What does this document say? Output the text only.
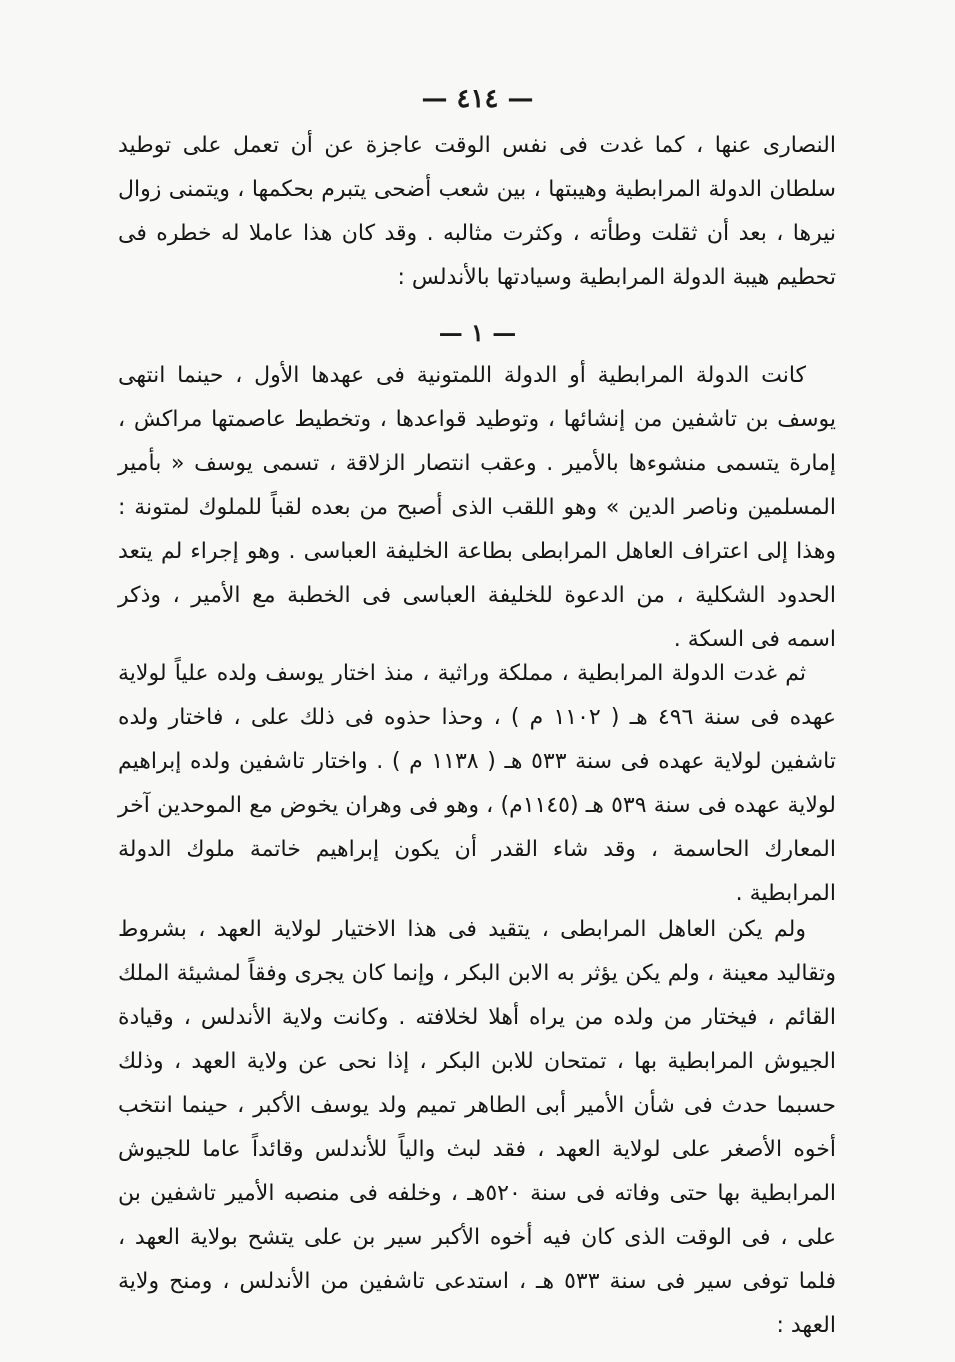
— ٤١٤ —

النصارى عنها ، كما غدت فى نفس الوقت عاجزة عن أن تعمل على توطيد سلطان الدولة المرابطية وهيبتها ، بين شعب أضحى يتبرم بحكمها ، ويتمنى زوال نيرها ، بعد أن ثقلت وطأته ، وكثرت مثالبه . وقد كان هذا عاملا له خطره فى تحطيم هيبة الدولة المرابطية وسيادتها بالأندلس :

— ١ —

كانت الدولة المرابطية أو الدولة اللمتونية فى عهدها الأول ، حينما انتهى يوسف بن تاشفين من إنشائها ، وتوطيد قواعدها ، وتخطيط عاصمتها مراكش ، إمارة يتسمى منشوءها بالأمير . وعقب انتصار الزلاقة ، تسمى يوسف « بأمير المسلمين وناصر الدين » وهو اللقب الذى أصبح من بعده لقباً للملوك لمتونة : وهذا إلى اعتراف العاهل المرابطى بطاعة الخليفة العباسى . وهو إجراء لم يتعد الحدود الشكلية ، من الدعوة للخليفة العباسى فى الخطبة مع الأمير ، وذكر اسمه فى السكة .

ثم غدت الدولة المرابطية ، مملكة وراثية ، منذ اختار يوسف ولده علياً لولاية عهده فى سنة ٤٩٦ هـ ( ١١٠٢ م ) ، وحذا حذوه فى ذلك على ، فاختار ولده تاشفين لولاية عهده فى سنة ٥٣٣ هـ ( ١١٣٨ م ) . واختار تاشفين ولده إبراهيم لولاية عهده فى سنة ٥٣٩ هـ (١١٤٥م) ، وهو فى وهران يخوض مع الموحدين آخر المعارك الحاسمة ، وقد شاء القدر أن يكون إبراهيم خاتمة ملوك الدولة المرابطية .

ولم يكن العاهل المرابطى ، يتقيد فى هذا الاختيار لولاية العهد ، بشروط وتقاليد معينة ، ولم يكن يؤثر به الابن البكر ، وإنما كان يجرى وفقاً لمشيئة الملك القائم ، فيختار من ولده من يراه أهلا لخلافته . وكانت ولاية الأندلس ، وقيادة الجيوش المرابطية بها ، تمتحان للابن البكر ، إذا نحى عن ولاية العهد ، وذلك حسبما حدث فى شأن الأمير أبى الطاهر تميم ولد يوسف الأكبر ، حينما انتخب أخوه الأصغر على لولاية العهد ، فقد لبث والياً للأندلس وقائداً عاما للجيوش المرابطية بها حتى وفاته فى سنة ٥٢٠هـ ، وخلفه فى منصبه الأمير تاشفين بن على ، فى الوقت الذى كان فيه أخوه الأكبر سير بن على يتشح بولاية العهد ، فلما توفى سير فى سنة ٥٣٣ هـ ، استدعى تاشفين من الأندلس ، ومنح ولاية العهد :
